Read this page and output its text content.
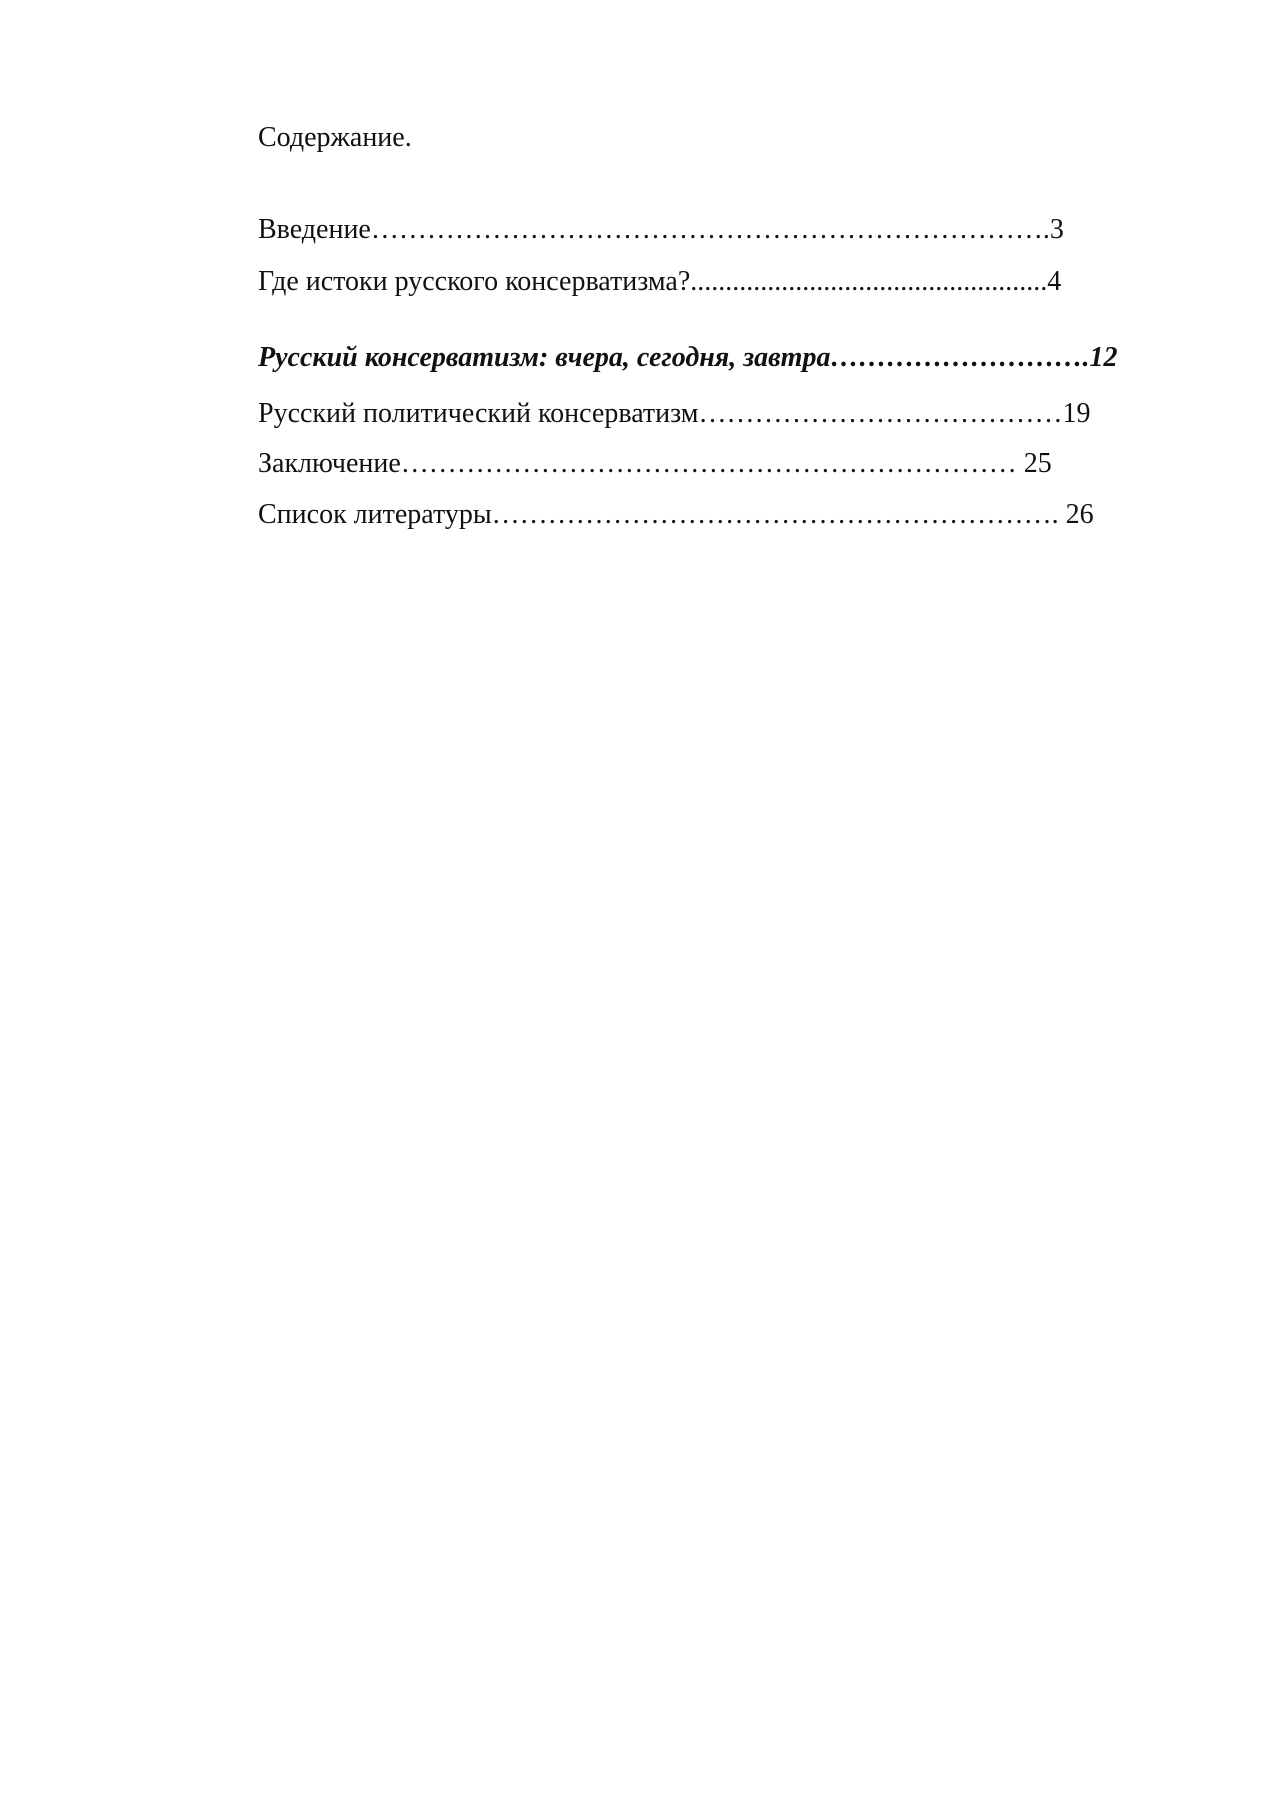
Содержание.
Введение……………………………………………………………….3
Где истоки русского консерватизма?...................................................4
Русский консерватизм: вчера, сегодня, завтра……………………….12
Русский политический консерватизм…………………………………19
Заключение………………………………………………………… 25
Список литературы……………………………………………………. 26
